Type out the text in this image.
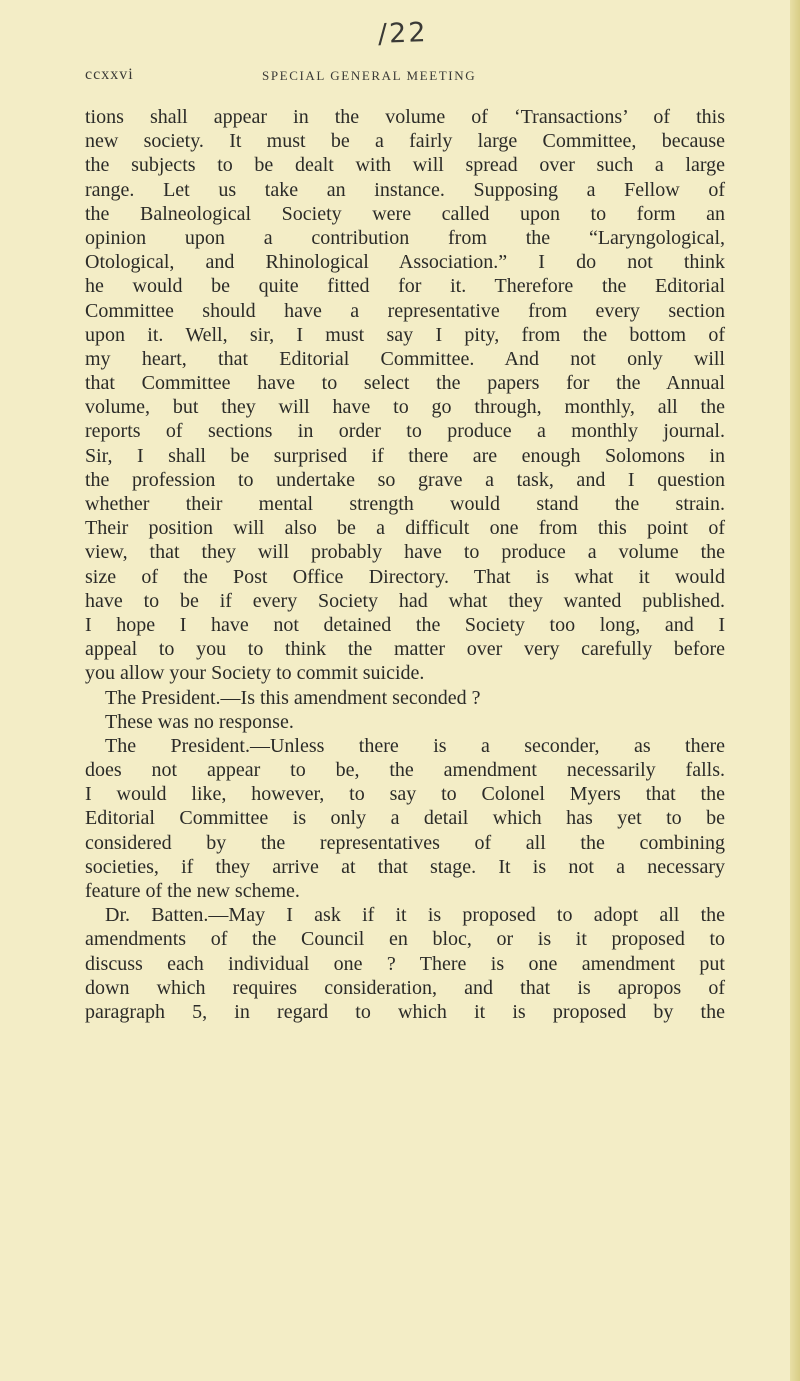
/22
ccxxvi	SPECIAL GENERAL MEETING
tions shall appear in the volume of ‘Transactions’ of this
new society. It must be a fairly large Committee, because
the subjects to be dealt with will spread over such a large
range. Let us take an instance. Supposing a Fellow of
the Balneological Society were called upon to form an
opinion upon a contribution from the “Laryngological,
Otological, and Rhinological Association.” I do not think
he would be quite fitted for it. Therefore the Editorial
Committee should have a representative from every section
upon it. Well, sir, I must say I pity, from the bottom of
my heart, that Editorial Committee. And not only will
that Committee have to select the papers for the Annual
volume, but they will have to go through, monthly, all the
reports of sections in order to produce a monthly journal.
Sir, I shall be surprised if there are enough Solomons in
the profession to undertake so grave a task, and I question
whether their mental strength would stand the strain.
Their position will also be a difficult one from this point of
view, that they will probably have to produce a volume the
size of the Post Office Directory. That is what it would
have to be if every Society had what they wanted published.
I hope I have not detained the Society too long, and I
appeal to you to think the matter over very carefully before
you allow your Society to commit suicide.
The President.—Is this amendment seconded ?
These was no response.
The President.—Unless there is a seconder, as there
does not appear to be, the amendment necessarily falls.
I would like, however, to say to Colonel Myers that the
Editorial Committee is only a detail which has yet to be
considered by the representatives of all the combining
societies, if they arrive at that stage. It is not a necessary
feature of the new scheme.
Dr. Batten.—May I ask if it is proposed to adopt all the
amendments of the Council en bloc, or is it proposed to
discuss each individual one ? There is one amendment put
down which requires consideration, and that is apropos of
paragraph 5, in regard to which it is proposed by the
